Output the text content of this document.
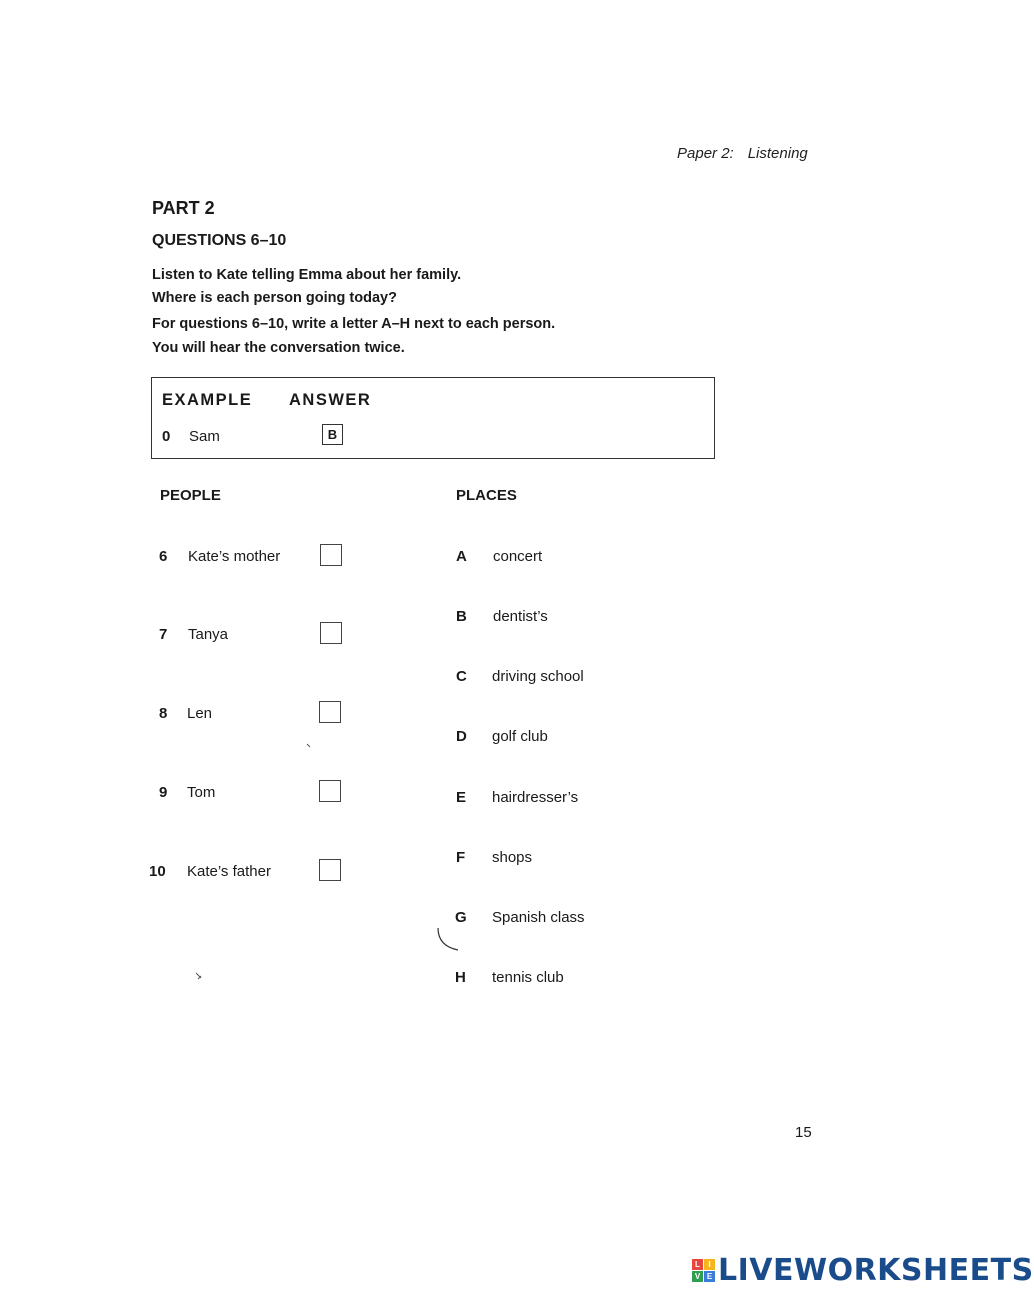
Paper 2: Listening
PART 2
QUESTIONS 6–10
Listen to Kate telling Emma about her family.
Where is each person going today?
For questions 6–10, write a letter A–H next to each person.
You will hear the conversation twice.
EXAMPLE ANSWER
0 Sam	B
PEOPLE	PLACES
6 Kate’s mother
7 Tanya
8 Len
9 Tom
10 Kate’s father
A concert
B dentist’s
C driving school
D golf club
E hairdresser’s
F shops
G Spanish class
H tennis club
15
L	I
V E LIVEWORKSHEETS
